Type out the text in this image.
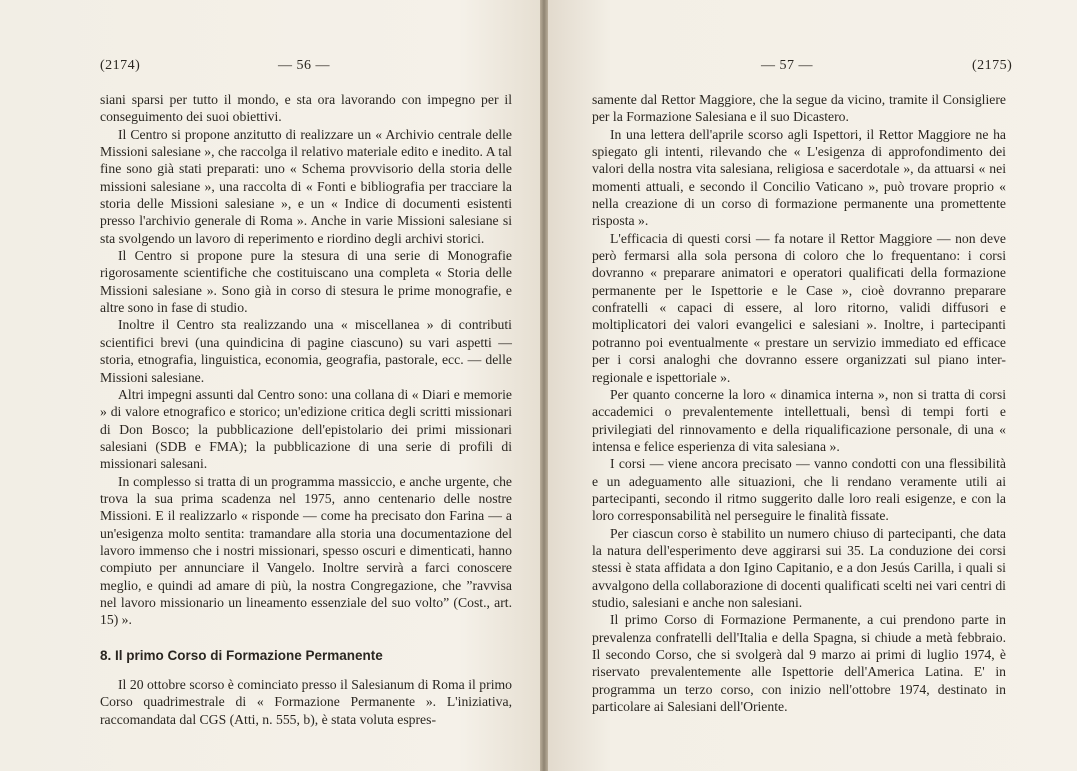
(2174)	— 56 —

siani sparsi per tutto il mondo, e sta ora lavorando con impegno per il conseguimento dei suoi obiettivi.

Il Centro si propone anzitutto di realizzare un « Archivio centrale delle Missioni salesiane », che raccolga il relativo materiale edito e inedito. A tal fine sono già stati preparati: uno « Schema provvisorio della storia delle missioni salesiane », una raccolta di « Fonti e bibliografia per tracciare la storia delle Missioni salesiane », e un « Indice di documenti esistenti presso l'archivio generale di Roma ». Anche in varie Missioni salesiane si sta svolgendo un lavoro di reperimento e riordino degli archivi storici.

Il Centro si propone pure la stesura di una serie di Monografie rigorosamente scientifiche che costituiscano una completa « Storia delle Missioni salesiane ». Sono già in corso di stesura le prime monografie, e altre sono in fase di studio.

Inoltre il Centro sta realizzando una « miscellanea » di contributi scientifici brevi (una quindicina di pagine ciascuno) su vari aspetti — storia, etnografia, linguistica, economia, geografia, pastorale, ecc. — delle Missioni salesiane.

Altri impegni assunti dal Centro sono: una collana di « Diari e memorie » di valore etnografico e storico; un'edizione critica degli scritti missionari di Don Bosco; la pubblicazione dell'epistolario dei primi missionari salesiani (SDB e FMA); la pubblicazione di una serie di profili di missionari salesani.

In complesso si tratta di un programma massiccio, e anche urgente, che trova la sua prima scadenza nel 1975, anno centenario delle nostre Missioni. E il realizzarlo « risponde — come ha precisato don Farina — a un'esigenza molto sentita: tramandare alla storia una documentazione del lavoro immenso che i nostri missionari, spesso oscuri e dimenticati, hanno compiuto per annunciare il Vangelo. Inoltre servirà a farci conoscere meglio, e quindi ad amare di più, la nostra Congregazione, che ”ravvisa nel lavoro missionario un lineamento essenziale del suo volto” (Cost., art. 15) ».

8. Il primo Corso di Formazione Permanente

Il 20 ottobre scorso è cominciato presso il Salesianum di Roma il primo Corso quadrimestrale di « Formazione Permanente ». L'iniziativa, raccomandata dal CGS (Atti, n. 555, b), è stata voluta espres-

— 57 —	(2175)

samente dal Rettor Maggiore, che la segue da vicino, tramite il Consigliere per la Formazione Salesiana e il suo Dicastero.

In una lettera dell'aprile scorso agli Ispettori, il Rettor Maggiore ne ha spiegato gli intenti, rilevando che « L'esigenza di approfondimento dei valori della nostra vita salesiana, religiosa e sacerdotale », da attuarsi « nei momenti attuali, e secondo il Concilio Vaticano », può trovare proprio « nella creazione di un corso di formazione permanente una promettente risposta ».

L'efficacia di questi corsi — fa notare il Rettor Maggiore — non deve però fermarsi alla sola persona di coloro che lo frequentano: i corsi dovranno « preparare animatori e operatori qualificati della formazione permanente per le Ispettorie e le Case », cioè dovranno preparare confratelli « capaci di essere, al loro ritorno, validi diffusori e moltiplicatori dei valori evangelici e salesiani ». Inoltre, i partecipanti potranno poi eventualmente « prestare un servizio immediato ed efficace per i corsi analoghi che dovranno essere organizzati sul piano inter-regionale e ispettoriale ».

Per quanto concerne la loro « dinamica interna », non si tratta di corsi accademici o prevalentemente intellettuali, bensì di tempi forti e privilegiati del rinnovamento e della riqualificazione personale, di una « intensa e felice esperienza di vita salesiana ».

I corsi — viene ancora precisato — vanno condotti con una flessibilità e un adeguamento alle situazioni, che li rendano veramente utili ai partecipanti, secondo il ritmo suggerito dalle loro reali esigenze, e con la loro corresponsabilità nel perseguire le finalità fissate.

Per ciascun corso è stabilito un numero chiuso di partecipanti, che data la natura dell'esperimento deve aggirarsi sui 35. La conduzione dei corsi stessi è stata affidata a don Igino Capitanio, e a don Jesús Carilla, i quali si avvalgono della collaborazione di docenti qualificati scelti nei vari centri di studio, salesiani e anche non salesiani.

Il primo Corso di Formazione Permanente, a cui prendono parte in prevalenza confratelli dell'Italia e della Spagna, si chiude a metà febbraio. Il secondo Corso, che si svolgerà dal 9 marzo ai primi di luglio 1974, è riservato prevalentemente alle Ispettorie dell'America Latina. E' in programma un terzo corso, con inizio nell'ottobre 1974, destinato in particolare ai Salesiani dell'Oriente.
